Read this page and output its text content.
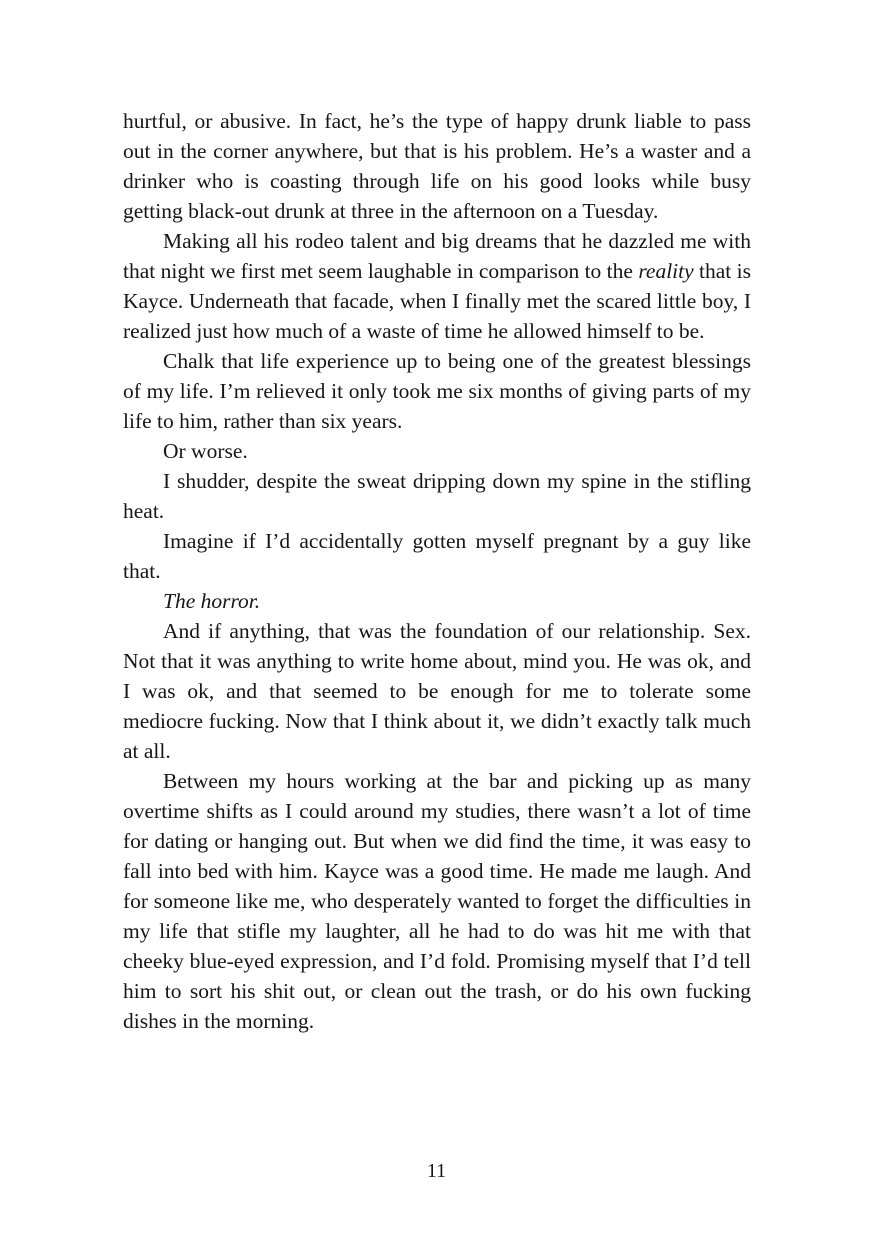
hurtful, or abusive. In fact, he’s the type of happy drunk liable to pass out in the corner anywhere, but that is his problem. He’s a waster and a drinker who is coasting through life on his good looks while busy getting black-out drunk at three in the afternoon on a Tuesday.

Making all his rodeo talent and big dreams that he dazzled me with that night we first met seem laughable in comparison to the reality that is Kayce. Underneath that facade, when I finally met the scared little boy, I realized just how much of a waste of time he allowed himself to be.

Chalk that life experience up to being one of the greatest blessings of my life. I’m relieved it only took me six months of giving parts of my life to him, rather than six years.

Or worse.

I shudder, despite the sweat dripping down my spine in the stifling heat.

Imagine if I’d accidentally gotten myself pregnant by a guy like that.

The horror.

And if anything, that was the foundation of our relationship. Sex. Not that it was anything to write home about, mind you. He was ok, and I was ok, and that seemed to be enough for me to tolerate some mediocre fucking. Now that I think about it, we didn’t exactly talk much at all.

Between my hours working at the bar and picking up as many overtime shifts as I could around my studies, there wasn’t a lot of time for dating or hanging out. But when we did find the time, it was easy to fall into bed with him. Kayce was a good time. He made me laugh. And for someone like me, who desperately wanted to forget the difficulties in my life that stifle my laughter, all he had to do was hit me with that cheeky blue-eyed expression, and I’d fold. Promising myself that I’d tell him to sort his shit out, or clean out the trash, or do his own fucking dishes in the morning.

11
